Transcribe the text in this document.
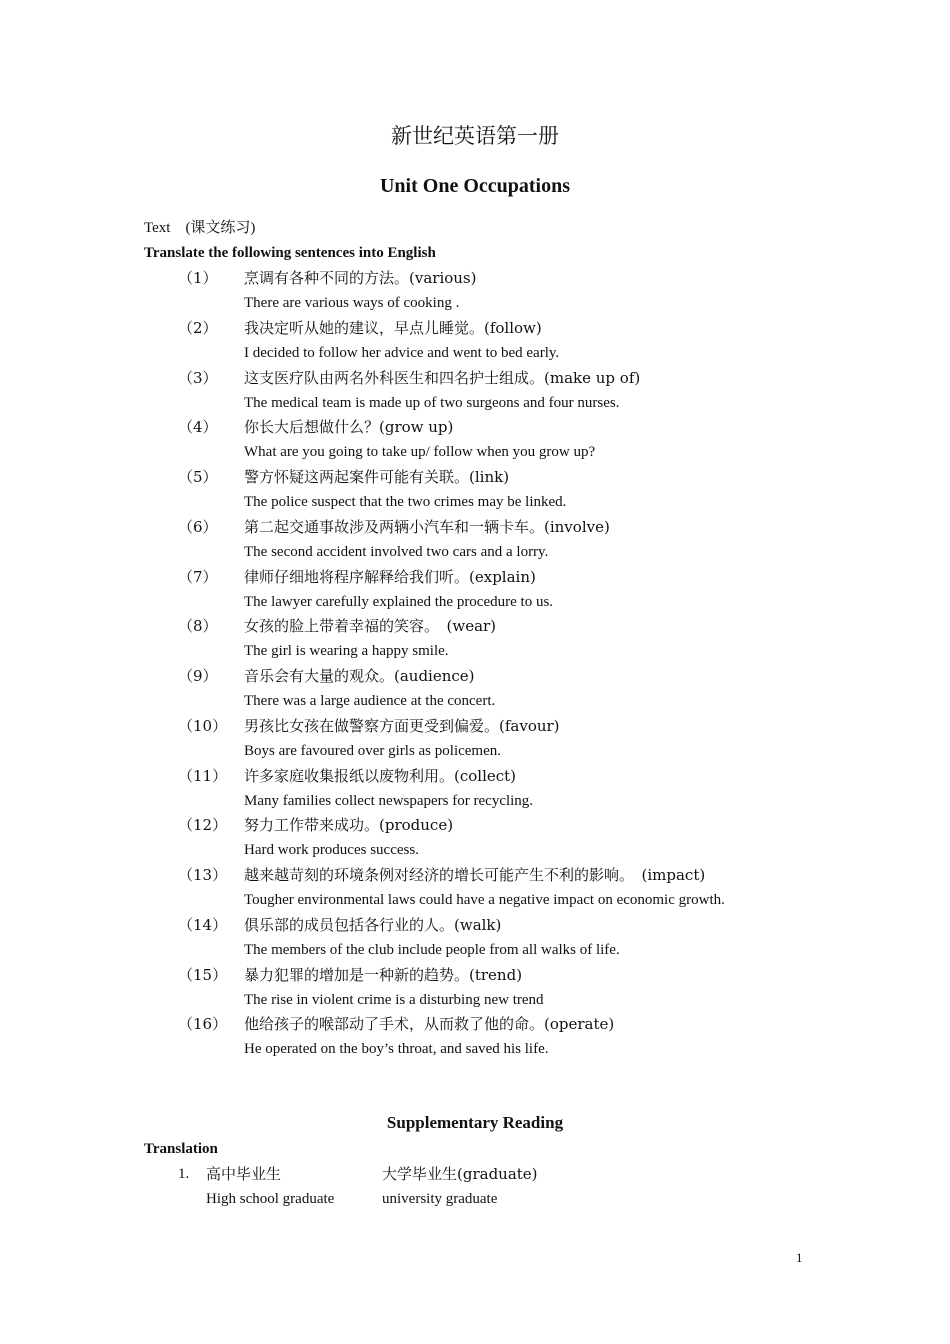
新世纪英语第一册
Unit One Occupations
Text　(课文练习)
Translate the following sentences into English
（1） 烹调有各种不同的方法。(various)
There are various ways of cooking .
（2） 我决定听从她的建议，早点儿睡觉。(follow)
I decided to follow her advice and went to bed early.
（3） 这支医疗队由两名外科医生和四名护士组成。(make up of)
The medical team is made up of two surgeons and four nurses.
（4） 你长大后想做什么？(grow up)
What are you going to take up/ follow when you grow up?
（5） 警方怀疑这两起案件可能有关联。(link)
The police suspect that the two crimes may be linked.
（6） 第二起交通事故涉及两辆小汽车和一辆卡车。(involve)
The second accident involved two cars and a lorry.
（7） 律师仔细地将程序解释给我们听。(explain)
The lawyer carefully explained the procedure to us.
（8） 女孩的脸上带着幸福的笑容。　(wear)
The girl is wearing a happy smile.
（9） 音乐会有大量的观众。(audience)
There was a large audience at the concert.
（10） 男孩比女孩在做警察方面更受到偏爱。(favour)
Boys are favoured over girls as policemen.
（11） 许多家庭收集报纸以废物利用。(collect)
Many families collect newspapers for recycling.
（12） 努力工作带来成功。(produce)
Hard work produces success.
（13） 越来越苛刻的环境条例对经济的增长可能产生不利的影响。　(impact)
Tougher environmental laws could have a negative impact on economic growth.
（14） 俱乐部的成员包括各行业的人。(walk)
The members of the club include people from all walks of life.
（15） 暴力犯罪的增加是一种新的趋势。(trend)
The rise in violent crime is a disturbing new trend
（16） 他给孩子的喉部动了手术，从而救了他的命。(operate)
He operated on the boy’s throat, and saved his life.
Supplementary Reading
Translation
1. 高中毕业生	大学毕业生(graduate)
High school graduate	university graduate
1
